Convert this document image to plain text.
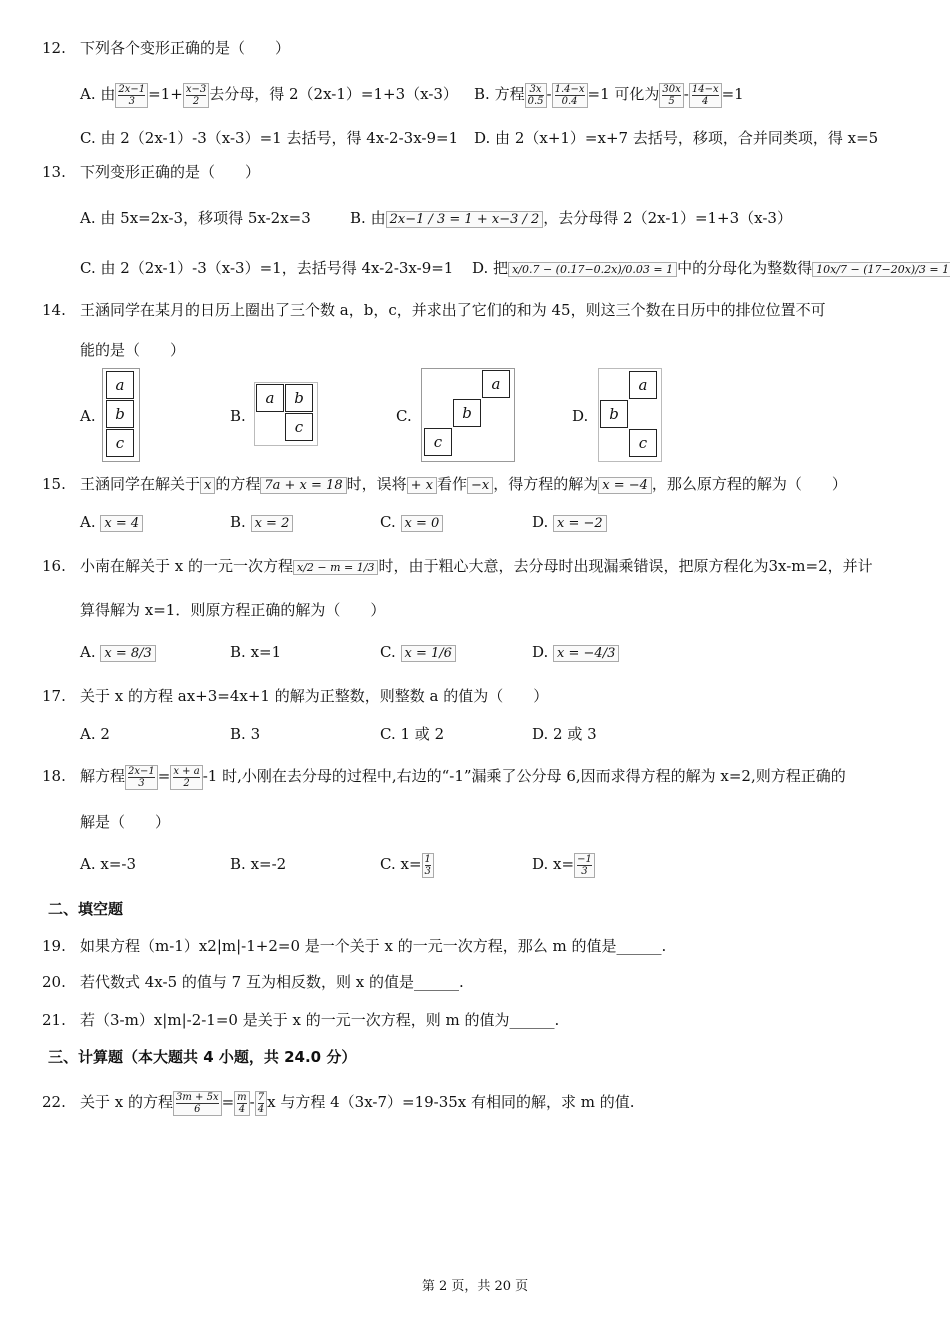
12. 下列各个变形正确的是（　　）
A. 由 $\frac{2x-1}{3} =1+ \frac{x-3}{2}$ 去分母，得 2（2x-1）=1+3（x-3） B. 方程 $\frac{3x}{0.5} - \frac{1.4-x}{0.4} =1$ 可化为 $\frac{30x}{5} - \frac{14-x}{4} =1$
C. 由 2（2x-1）-3（x-3）=1 去括号，得 4x-2-3x-9=1 D. 由 2（x+1）=x+7 去括号，移项，合并同类项，得 x=5
13. 下列变形正确的是（　　）
A. 由 5x=2x-3，移项得 5x-2x=3	B. 由 2x−1 / 3 = 1 + x−3 / 2 ，去分母得 2（2x-1）=1+3（x-3）
C. 由 2（2x-1）-3（x-3）=1，去括号得 4x-2-3x-9=1 D. 把 x/0.7 − (0.17−0.2x)/0.03 = 1 中的分母化为整数得 10x/7 − (17−20x)/3 = 1
14. 王涵同学在某月的日历上圈出了三个数 a，b，c，并求出了它们的和为 45，则这三个数在日历中的排位位置不可
能的是（　　）
A.
a
b
c
B.
a	b
c
C.
a
b
c
D.
a
b
c
15. 王涵同学在解关于 x 的方程 7a + x = 18 时，误将 + x 看作 −x ，得方程的解为 x = −4 ，那么原方程的解为（　　）
A. x = 4	B. x = 2	C. x = 0	D. x = −2
16. 小南在解关于 x 的一元一次方程 x/2 − m = 1/3 时，由于粗心大意，去分母时出现漏乘错误，把原方程化为3x-m=2，并计
算得解为 x=1．则原方程正确的解为（　　）
A. x = 8/3	B. x=1	C. x = 1/6	D. x = −4/3
17. 关于 x 的方程 ax+3=4x+1 的解为正整数，则整数 a 的值为（　　）
A. 2	B. 3	C. 1 或 2	D. 2 或 3
18. 解方程 $\frac{2x-1}{3} = \frac{x + a}{2} -1$ 时,小刚在去分母的过程中,右边的“-1”漏乘了公分母 6,因而求得方程的解为 x=2,则方程正确的
解是（　　）
A. x=-3	B. x=-2	C. $x= \frac{1}{3}$	D. $x= \frac{-1}{3}$
二、填空题
19. 如果方程（m-1）x2|m|-1+2=0 是一个关于 x 的一元一次方程，那么 m 的值是______.
20. 若代数式 4x-5 的值与 7 互为相反数，则 x 的值是______.
21. 若（3-m）x|m|-2-1=0 是关于 x 的一元一次方程，则 m 的值为______.
三、计算题（本大题共 4 小题，共 24.0 分）
22. 关于 x 的方程 $\frac{3m + 5x}{6} = \frac{m}{4} - \frac{7}{4}$ x 与方程 4（3x-7）=19-35x 有相同的解，求 m 的值.
第 2 页，共 20 页
